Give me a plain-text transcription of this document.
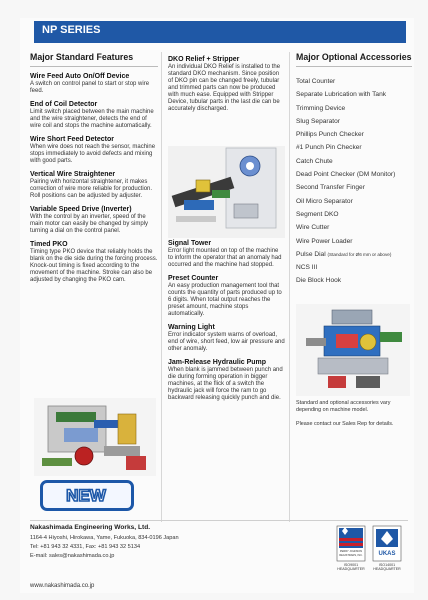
NP SERIES
Major Standard Features
Wire Feed Auto On/Off Device
A switch on control panel to start or stop wire feed.
End of Coil Detector
Limit switch placed between the main machine and the wire straightener, detects the end of wire coil and stops the machine automatically.
Wire Short Feed Detector
When wire does not reach the sensor, machine stops immediately to avoid defects and mixing with good parts.
Vertical Wire Straightener
Pairing with horizontal straightener, it makes correction of wire more reliable for production. Roll positions can be adjusted by adjuster.
Variable Speed Drive (Inverter)
With the control by an inverter, speed of the main motor can easily be changed by simply turning a dial on the control panel.
Timed PKO
Timing type PKO device that reliably holds the blank on the die side during the forcing process. Knock-out timing is fixed according to the movement of the machine. Stroke can also be adjusted by changing the PKO cam.
NEW
DKO Relief + Stripper
An individual DKO Relief is installed to the standard DKO mechanism. Since position of DKO pin can be changed freely, tubular and trimmed parts can now be produced with much ease. Equipped with Stripper Device, tubular parts in the last die can be accurately discharged.
Signal Tower
Error light mounted on top of the machine to inform the operator that an anomaly had occurred and the machine had stopped.
Preset Counter
An easy production management tool that counts the quantity of parts produced up to 6 digits. When total output reaches the preset amount, machine stops automatically.
Warning Light
Error indicator system warns of overload, end of wire, short feed, low air pressure and other anomaly.
Jam-Release Hydraulic Pump
When blank is jammed between punch and die during forming operation in bigger machines, at the flick of a switch the hydraulic jack will force the ram to go backward releasing quickly punch and die.
Major Optional Accessories
Total Counter
Separate Lubrication with Tank
Trimming Device
Slug Separator
Phillips Punch Checker
#1 Punch Pin Checker
Catch Chute
Dead Point Checker (DM Monitor)
Second Transfer Finger
Oil Micro Separator
Segment DKO
Wire Cutter
Wire Power Loader
Pulse Dial (Standard for Ø6 mm or above)
NCS III
Die Block Hook
Standard and optional accessories vary depending on machine model.
Please contact our Sales Rep for details.
Nakashimada Engineering Works, Ltd.
1164-4 Hiyoshi, Hirokawa, Yame, Fukuoka, 834-0196 Japan
Tel: +81 943 32 4331, Fax: +81 943 32 5134
E-mail: sales@nakashimada.co.jp
www.nakashimada.co.jp
PERRY JOHNSON REGISTRARS, INC.
ISO9001 HEADQUARTER
UKAS
ISO14001 HEADQUARTER
